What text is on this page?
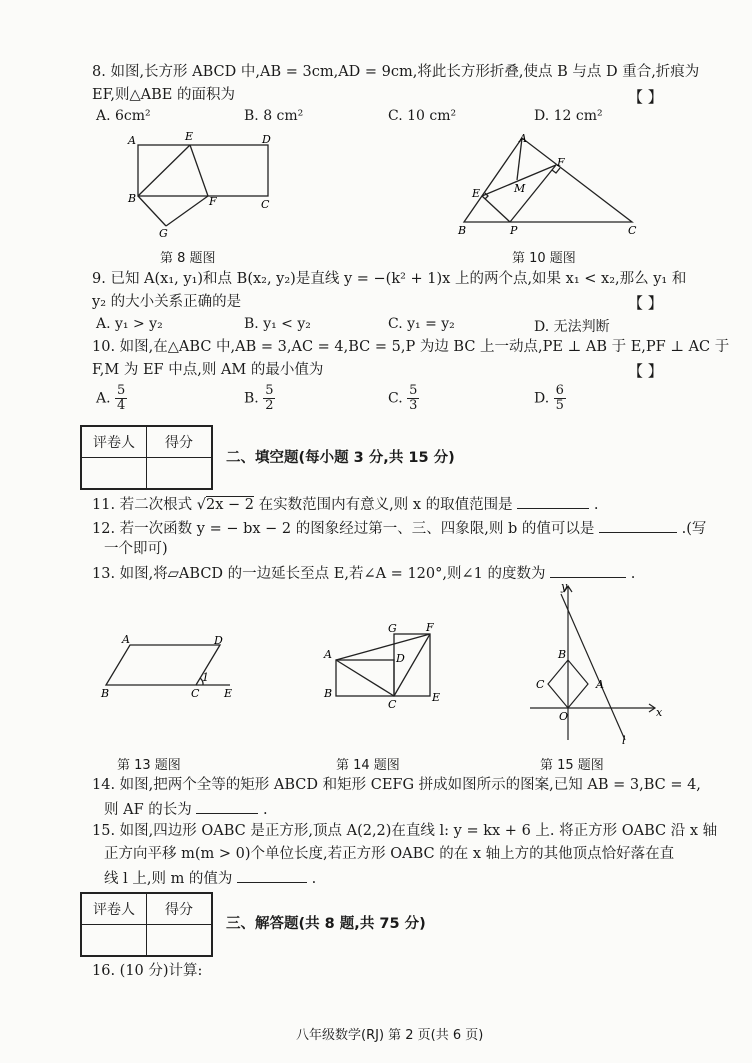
8. 如图,长方形 ABCD 中,AB = 3cm,AD = 9cm,将此长方形折叠,使点 B 与点 D 重合,折痕为
EF,则△ABE 的面积为	【 】
A. 6cm²	B. 8 cm²	C. 10 cm²	D. 12 cm²
A	E	D
B	F	C
G
第 8 题图
A
F
M
E
B	P	C
第 10 题图
9. 已知 A(x₁, y₁)和点 B(x₂, y₂)是直线 y = −(k² + 1)x 上的两个点,如果 x₁ < x₂,那么 y₁ 和
y₂ 的大小关系正确的是	【 】
A. y₁ > y₂	B. y₁ < y₂	C. y₁ = y₂	D. 无法判断
10. 如图,在△ABC 中,AB = 3,AC = 4,BC = 5,P 为边 BC 上一动点,PE ⊥ AB 于 E,PF ⊥ AC 于
F,M 为 EF 中点,则 AM 的最小值为	【 】
A. $\frac{5}{4}$	B. $\frac{5}{2}$	C. $\frac{5}{3}$	D. $\frac{6}{5}$
评卷人	得分

二、填空题(每小题 3 分,共 15 分)
11. 若二次根式 √2x − 2 在实数范围内有意义,则 x 的取值范围是	.
12. 若一次函数 y = − bx − 2 的图象经过第一、三、四象限,则 b 的值可以是	.(写
一个即可)
13. 如图,将▱ABCD 的一边延长至点 E,若∠A = 120°,则∠1 的度数为	.
A	D
B	C
1
E
第 13 题图
A
G	F
D
B
C
E
第 14 题图
y
x
O
A
B
C
l
第 15 题图
14. 如图,把两个全等的矩形 ABCD 和矩形 CEFG 拼成如图所示的图案,已知 AB = 3,BC = 4,
则 AF 的长为	.
15. 如图,四边形 OABC 是正方形,顶点 A(2,2)在直线 l: y = kx + 6 上. 将正方形 OABC 沿 x 轴
正方向平移 m(m > 0)个单位长度,若正方形 OABC 的在 x 轴上方的其他顶点恰好落在直
线 l 上,则 m 的值为	.
评卷人	得分

三、解答题(共 8 题,共 75 分)
16. (10 分)计算:
八年级数学(RJ) 第 2 页(共 6 页)
